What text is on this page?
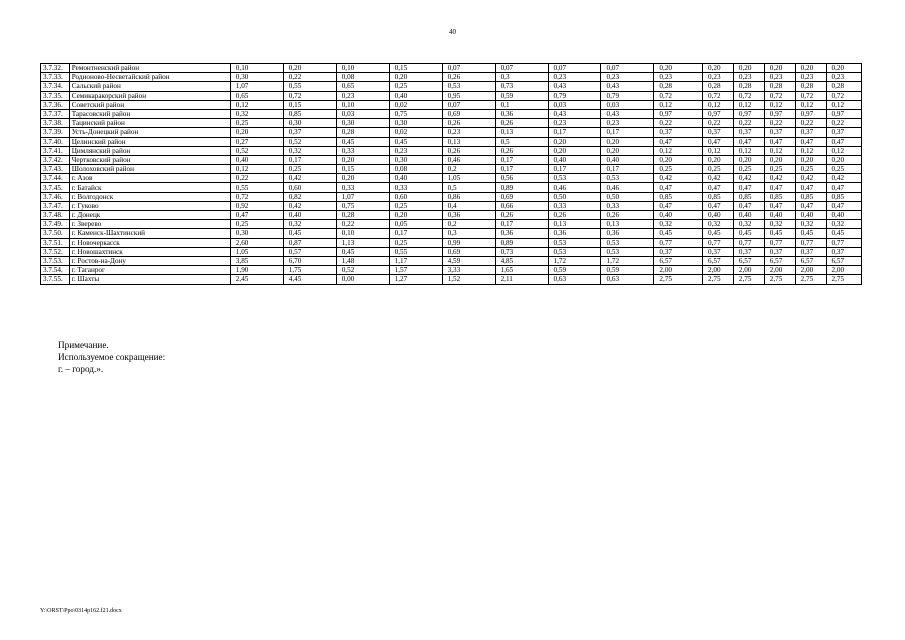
40
3.7.32.	Ремонтненский район	0,10	0,20	0,10	0,15	0,07	0,07	0,07	0,07	0,20	0,20	0,20	0,20	0,20	0,20
3.7.33.	Родионово-Несветайский район	0,30	0,22	0,08	0,20	0,26	0,3	0,23	0,23	0,23	0,23	0,23	0,23	0,23	0,23
3.7.34.	Сальский район	1,07	0,55	0,65	0,25	0,53	0,73	0,43	0,43	0,28	0,28	0,28	0,28	0,28	0,28
3.7.35.	Семикаракорский район	0,65	0,72	0,23	0,40	0,95	0,59	0,79	0,79	0,72	0,72	0,72	0,72	0,72	0,72
3.7.36.	Советский район	0,12	0,15	0,10	0,02	0,07	0,1	0,03	0,03	0,12	0,12	0,12	0,12	0,12	0,12
3.7.37.	Тарасовский район	0,32	0,85	0,03	0,75	0,69	0,36	0,43	0,43	0,97	0,97	0,97	0,97	0,97	0,97
3.7.38.	Тацинский район	0,25	0,30	0,30	0,30	0,26	0,26	0,23	0,23	0,22	0,22	0,22	0,22	0,22	0,22
3.7.39.	Усть-Донецкий район	0,20	0,37	0,28	0,02	0,23	0,13	0,17	0,17	0,37	0,37	0,37	0,37	0,37	0,37
3.7.40.	Целинский район	0,27	0,52	0,45	0,45	0,13	0,5	0,20	0,20	0,47	0,47	0,47	0,47	0,47	0,47
3.7.41.	Цимлянский район	0,52	0,32	0,33	0,23	0,26	0,26	0,20	0,20	0,12	0,12	0,12	0,12	0,12	0,12
3.7.42.	Чертковский район	0,40	0,17	0,20	0,30	0,46	0,17	0,40	0,40	0,20	0,20	0,20	0,20	0,20	0,20
3.7.43.	Шолоховский район	0,12	0,25	0,15	0,08	0,2	0,17	0,17	0,17	0,25	0,25	0,25	0,25	0,25	0,25
3.7.44.	г. Азов	0,22	0,42	0,20	0,40	1,05	0,56	0,53	0,53	0,42	0,42	0,42	0,42	0,42	0,42
3.7.45.	г. Батайск	0,55	0,60	0,33	0,33	0,5	0,89	0,46	0,46	0,47	0,47	0,47	0,47	0,47	0,47
3.7.46.	г. Волгодонск	0,72	0,82	1,07	0,60	0,86	0,69	0,50	0,50	0,85	0,85	0,85	0,85	0,85	0,85
3.7.47.	г. Гуково	0,92	0,42	0,75	0,25	0,4	0,66	0,33	0,33	0,47	0,47	0,47	0,47	0,47	0,47
3.7.48.	г. Донецк	0,47	0,40	0,28	0,20	0,36	0,26	0,26	0,26	0,40	0,40	0,40	0,40	0,40	0,40
3.7.49.	г. Зверево	0,25	0,32	0,22	0,05	0,2	0,17	0,13	0,13	0,32	0,32	0,32	0,32	0,32	0,32
3.7.50.	г. Каменск-Шахтинский	0,30	0,45	0,10	0,17	0,3	0,36	0,36	0,36	0,45	0,45	0,45	0,45	0,45	0,45
3.7.51.	г. Новочеркасск	2,60	0,87	1,13	0,25	0,99	0,89	0,53	0,53	0,77	0,77	0,77	0,77	0,77	0,77
3.7.52.	г. Новошахтинск	1,05	0,57	0,45	0,55	0,69	0,73	0,53	0,53	0,37	0,37	0,37	0,37	0,37	0,37
3.7.53.	г. Ростов-на-Дону	3,85	6,70	1,48	1,17	4,59	4,85	1,72	1,72	6,57	6,57	6,57	6,57	6,57	6,57
3.7.54.	г. Таганрог	1,90	1,75	0,52	1,57	3,33	1,65	0,59	0,59	2,00	2,00	2,00	2,00	2,00	2,00
3.7.55.	г. Шахты	2,45	4,45	0,00	1,27	1,52	2,11	0,63	0,63	2,75	2,75	2,75	2,75	2,75	2,75
Примечание.
Используемое сокращение:
г. – город.».
Y:\ORST\Ppo\0314p162.f21.docx
